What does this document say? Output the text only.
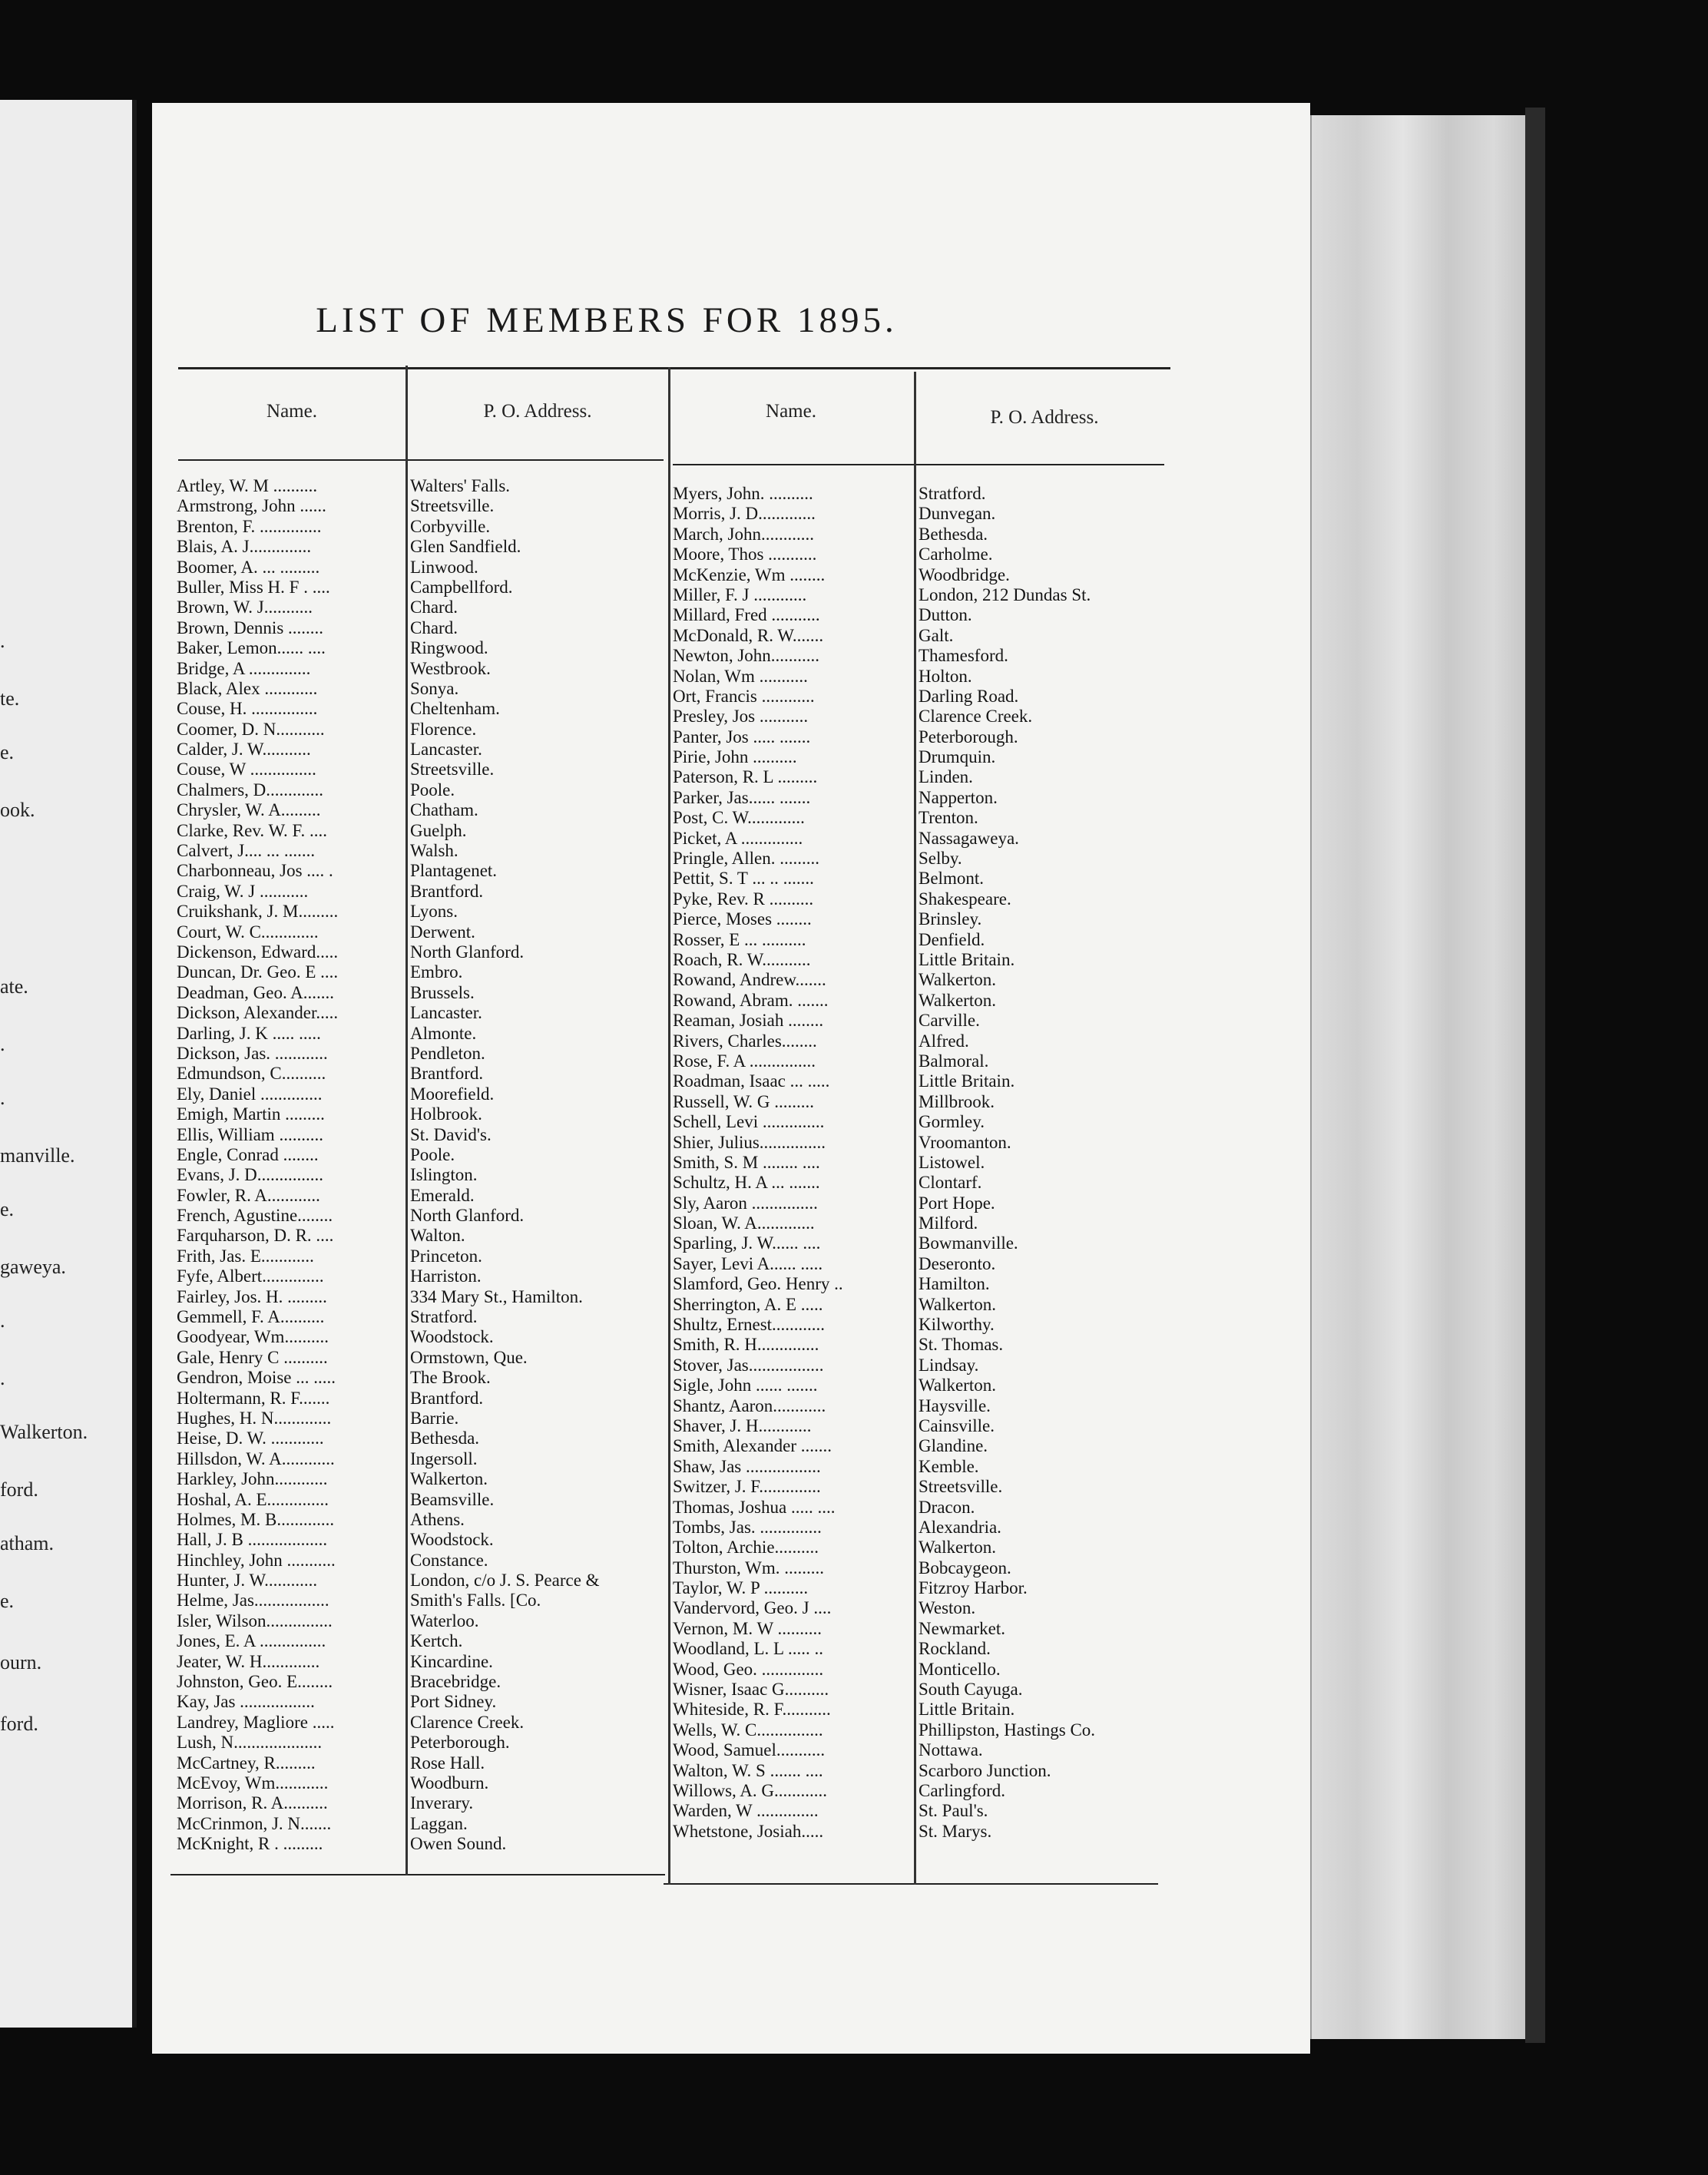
.
te.
e.
ook.
ate.
.
.
manville.
e.
gaweya.
.
.
Walkerton.
ford.
atham.
e.
ourn.
ford.
LIST OF MEMBERS FOR 1895.
Name.	P. O. Address.	Name.	P. O. Address.
Artley, W. M ..........	Walters' Falls.
Armstrong, John ......	Streetsville.
Brenton, F. ..............	Corbyville.
Blais, A. J..............	Glen Sandfield.
Boomer, A. ... .........	Linwood.
Buller, Miss H. F . ....	Campbellford.
Brown, W. J...........	Chard.
Brown, Dennis ........	Chard.
Baker, Lemon...... ....	Ringwood.
Bridge, A ..............	Westbrook.
Black, Alex ............	Sonya.
Couse, H. ...............	Cheltenham.
Coomer, D. N...........	Florence.
Calder, J. W...........	Lancaster.
Couse, W ...............	Streetsville.
Chalmers, D.............	Poole.
Chrysler, W. A.........	Chatham.
Clarke, Rev. W. F. ....	Guelph.
Calvert, J.... ... .......	Walsh.
Charbonneau, Jos .... .	Plantagenet.
Craig, W. J ...........	Brantford.
Cruikshank, J. M.........	Lyons.
Court, W. C.............	Derwent.
Dickenson, Edward.....	North Glanford.
Duncan, Dr. Geo. E ....	Embro.
Deadman, Geo. A.......	Brussels.
Dickson, Alexander.....	Lancaster.
Darling, J. K ..... .....	Almonte.
Dickson, Jas. ............	Pendleton.
Edmundson, C..........	Brantford.
Ely, Daniel ..............	Moorefield.
Emigh, Martin .........	Holbrook.
Ellis, William ..........	St. David's.
Engle, Conrad ........	Poole.
Evans, J. D...............	Islington.
Fowler, R. A............	Emerald.
French, Agustine........	North Glanford.
Farquharson, D. R. ....	Walton.
Frith, Jas. E............	Princeton.
Fyfe, Albert..............	Harriston.
Fairley, Jos. H. .........	334 Mary St., Hamilton.
Gemmell, F. A..........	Stratford.
Goodyear, Wm..........	Woodstock.
Gale, Henry C ..........	Ormstown, Que.
Gendron, Moise ... .....	The Brook.
Holtermann, R. F.......	Brantford.
Hughes, H. N.............	Barrie.
Heise, D. W. ............	Bethesda.
Hillsdon, W. A............	Ingersoll.
Harkley, John............	Walkerton.
Hoshal, A. E..............	Beamsville.
Holmes, M. B.............	Athens.
Hall, J. B ..................	Woodstock.
Hinchley, John ...........	Constance.
Hunter, J. W............	London, c/o J. S. Pearce &
Helme, Jas.................	Smith's Falls. [Co.
Isler, Wilson...............	Waterloo.
Jones, E. A ...............	Kertch.
Jeater, W. H.............	Kincardine.
Johnston, Geo. E........	Bracebridge.
Kay, Jas .................	Port Sidney.
Landrey, Magliore .....	Clarence Creek.
Lush, N....................	Peterborough.
McCartney, R.........	Rose Hall.
McEvoy, Wm............	Woodburn.
Morrison, R. A..........	Inverary.
McCrinmon, J. N.......	Laggan.
McKnight, R . .........	Owen Sound.
Myers, John. ..........	Stratford.
Morris, J. D.............	Dunvegan.
March, John............	Bethesda.
Moore, Thos ...........	Carholme.
McKenzie, Wm ........	Woodbridge.
Miller, F. J ............	London, 212 Dundas St.
Millard, Fred ...........	Dutton.
McDonald, R. W.......	Galt.
Newton, John...........	Thamesford.
Nolan, Wm ...........	Holton.
Ort, Francis ............	Darling Road.
Presley, Jos ...........	Clarence Creek.
Panter, Jos ..... .......	Peterborough.
Pirie, John ..........	Drumquin.
Paterson, R. L .........	Linden.
Parker, Jas...... .......	Napperton.
Post, C. W.............	Trenton.
Picket, A ..............	Nassagaweya.
Pringle, Allen. .........	Selby.
Pettit, S. T ... .. .......	Belmont.
Pyke, Rev. R ..........	Shakespeare.
Pierce, Moses ........	Brinsley.
Rosser, E ... ..........	Denfield.
Roach, R. W...........	Little Britain.
Rowand, Andrew.......	Walkerton.
Rowand, Abram. .......	Walkerton.
Reaman, Josiah ........	Carville.
Rivers, Charles........	Alfred.
Rose, F. A ...............	Balmoral.
Roadman, Isaac ... .....	Little Britain.
Russell, W. G .........	Millbrook.
Schell, Levi ..............	Gormley.
Shier, Julius...............	Vroomanton.
Smith, S. M ........ ....	Listowel.
Schultz, H. A ... .......	Clontarf.
Sly, Aaron ...............	Port Hope.
Sloan, W. A.............	Milford.
Sparling, J. W...... ....	Bowmanville.
Sayer, Levi A...... .....	Deseronto.
Slamford, Geo. Henry ..	Hamilton.
Sherrington, A. E .....	Walkerton.
Shultz, Ernest............	Kilworthy.
Smith, R. H..............	St. Thomas.
Stover, Jas.................	Lindsay.
Sigle, John ...... .......	Walkerton.
Shantz, Aaron............	Haysville.
Shaver, J. H............	Cainsville.
Smith, Alexander .......	Glandine.
Shaw, Jas .................	Kemble.
Switzer, J. F..............	Streetsville.
Thomas, Joshua ..... ....	Dracon.
Tombs, Jas. ..............	Alexandria.
Tolton, Archie..........	Walkerton.
Thurston, Wm. .........	Bobcaygeon.
Taylor, W. P ..........	Fitzroy Harbor.
Vandervord, Geo. J ....	Weston.
Vernon, M. W ..........	Newmarket.
Woodland, L. L ..... ..	Rockland.
Wood, Geo. ..............	Monticello.
Wisner, Isaac G..........	South Cayuga.
Whiteside, R. F...........	Little Britain.
Wells, W. C...............	Phillipston, Hastings Co.
Wood, Samuel...........	Nottawa.
Walton, W. S ....... ....	Scarboro Junction.
Willows, A. G............	Carlingford.
Warden, W ..............	St. Paul's.
Whetstone, Josiah.....	St. Marys.
